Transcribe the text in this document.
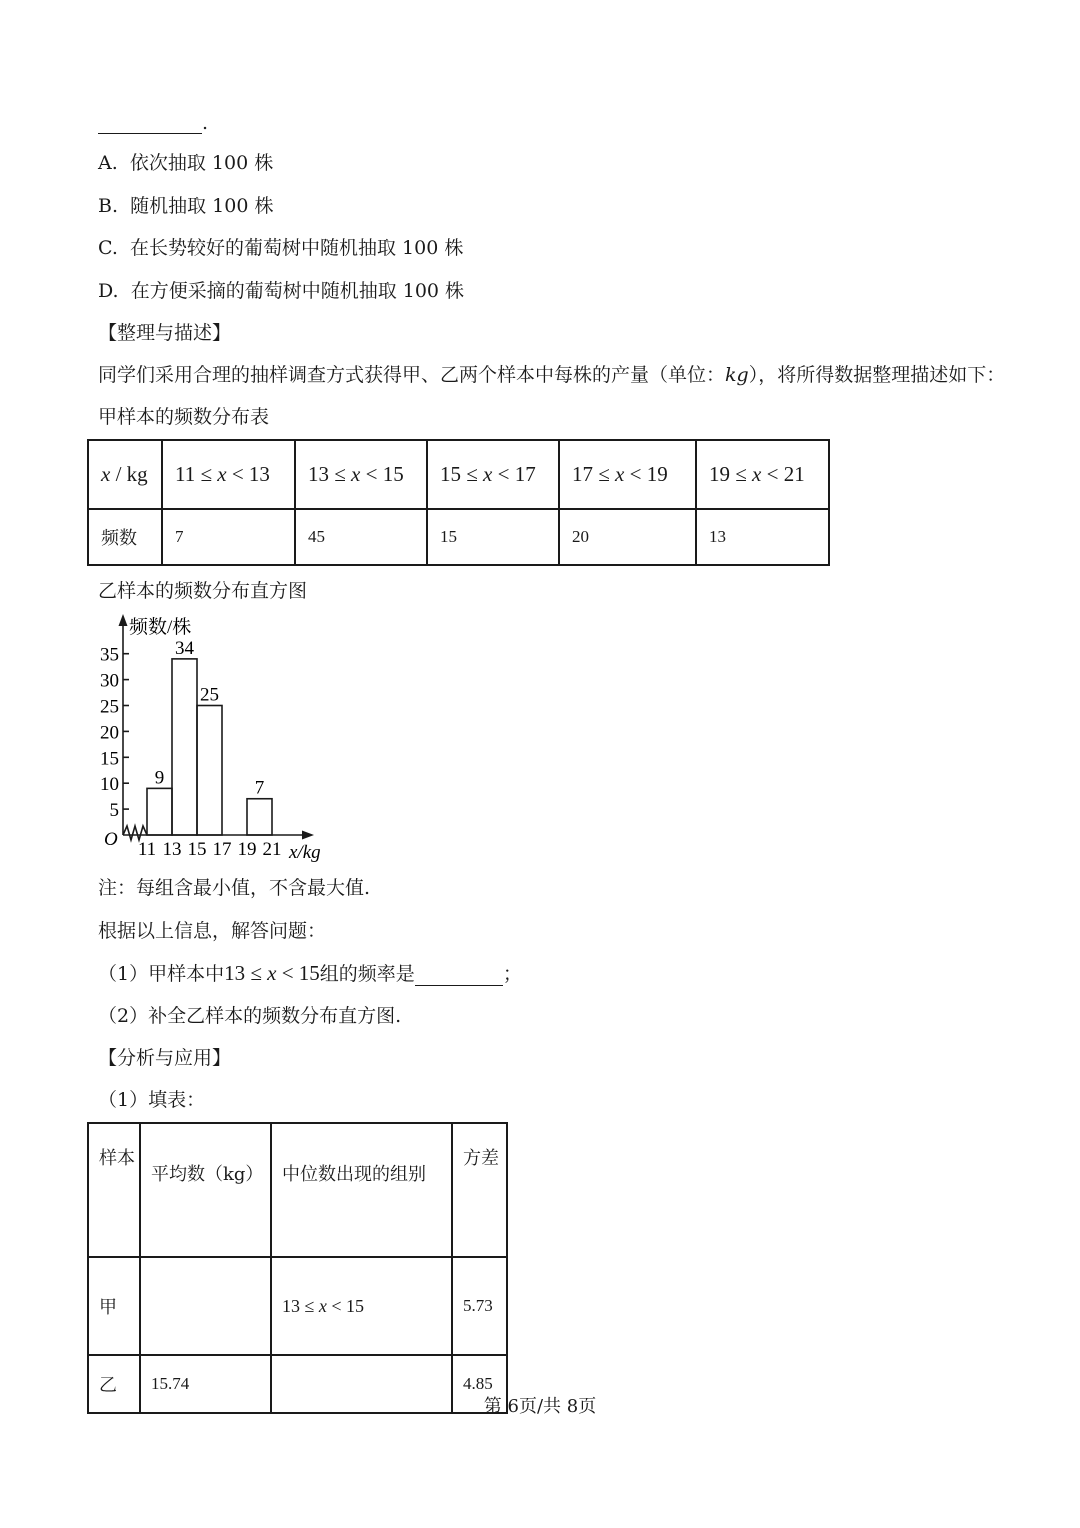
.
A. 依次抽取 100 株
B. 随机抽取 100 株
C. 在长势较好的葡萄树中随机抽取 100 株
D. 在方便采摘的葡萄树中随机抽取 100 株
【整理与描述】
同学们采用合理的抽样调查方式获得甲、乙两个样本中每株的产量（单位：kg），将所得数据整理描述如下：
甲样本的频数分布表
x / kg	11 ≤ x < 13	13 ≤ x < 15	15 ≤ x < 17	17 ≤ x < 19	19 ≤ x < 21
频数	7	45	15	20	13
乙样本的频数分布直方图
9
34
25
7
11 13 15 17 19 21
5
10
15
20
25
30
35
频数/株
O
x/kg
注：每组含最小值，不含最大值.
根据以上信息，解答问题：
（1）甲样本中13 ≤ x < 15组的频率是	；
（2）补全乙样本的频数分布直方图.
【分析与应用】
（1）填表：
样本	平均数（kg）	中位数出现的组别	方差
甲		13 ≤ x < 15	5.73
乙	15.74		4.85
第 6页/共 8页
